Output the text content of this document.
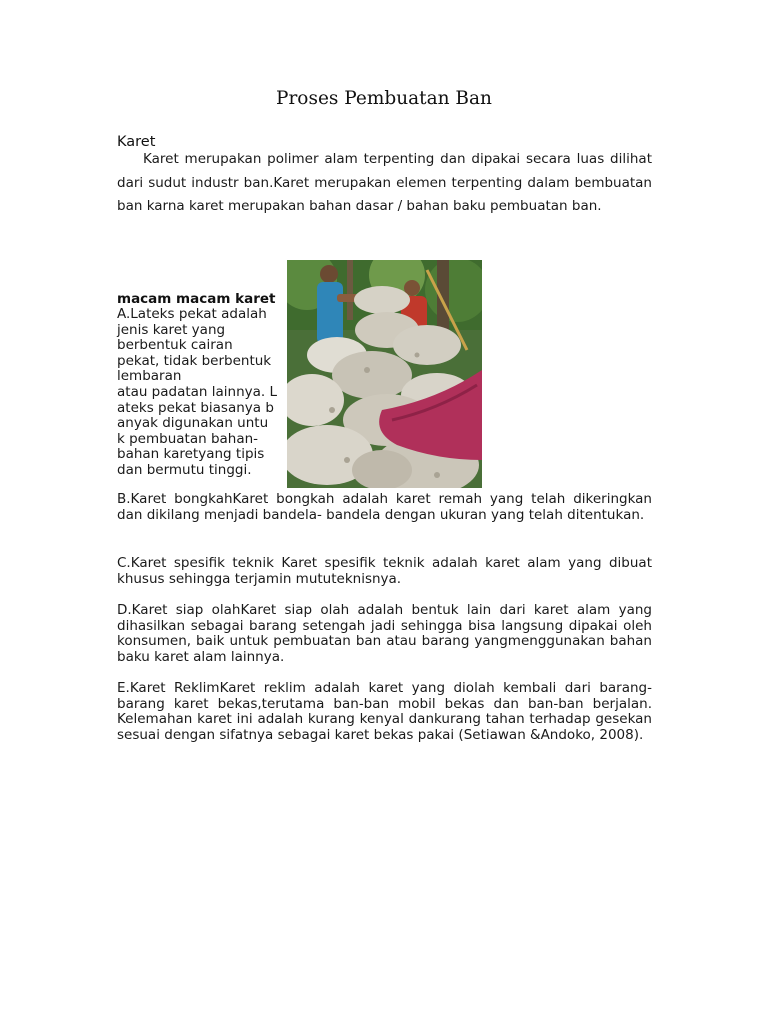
Proses Pembuatan Ban
Karet

Karet merupakan polimer alam terpenting dan dipakai secara luas dilihat dari sudut industr ban.Karet merupakan elemen terpenting dalam bembuatan ban karna karet merupakan bahan dasar / bahan baku pembuatan ban.

macam macam karet

A.Lateks pekat adalah
jenis karet yang
berbentuk cairan
pekat, tidak berbentuk
lembaran
atau padatan lainnya. L
ateks pekat biasanya b
anyak digunakan untu
k pembuatan bahan-
bahan karetyang tipis
dan bermutu tinggi.

B.Karet bongkahKaret bongkah adalah karet remah yang telah dikeringkan dan dikilang menjadi bandela- bandela dengan ukuran yang telah ditentukan.

C.Karet spesifik teknik Karet spesifik teknik adalah karet alam yang dibuat khusus sehingga terjamin mututeknisnya.

D.Karet siap olahKaret siap olah adalah bentuk lain dari karet alam yang dihasilkan sebagai barang setengah jadi sehingga bisa langsung dipakai oleh konsumen, baik untuk pembuatan ban atau barang yangmenggunakan bahan baku karet alam lainnya.

E.Karet ReklimKaret reklim adalah karet yang diolah kembali dari barang-barang karet bekas,terutama ban-ban mobil bekas dan ban-ban berjalan. Kelemahan karet ini adalah kurang kenyal dankurang tahan terhadap gesekan sesuai dengan sifatnya sebagai karet bekas pakai (Setiawan &Andoko, 2008).
